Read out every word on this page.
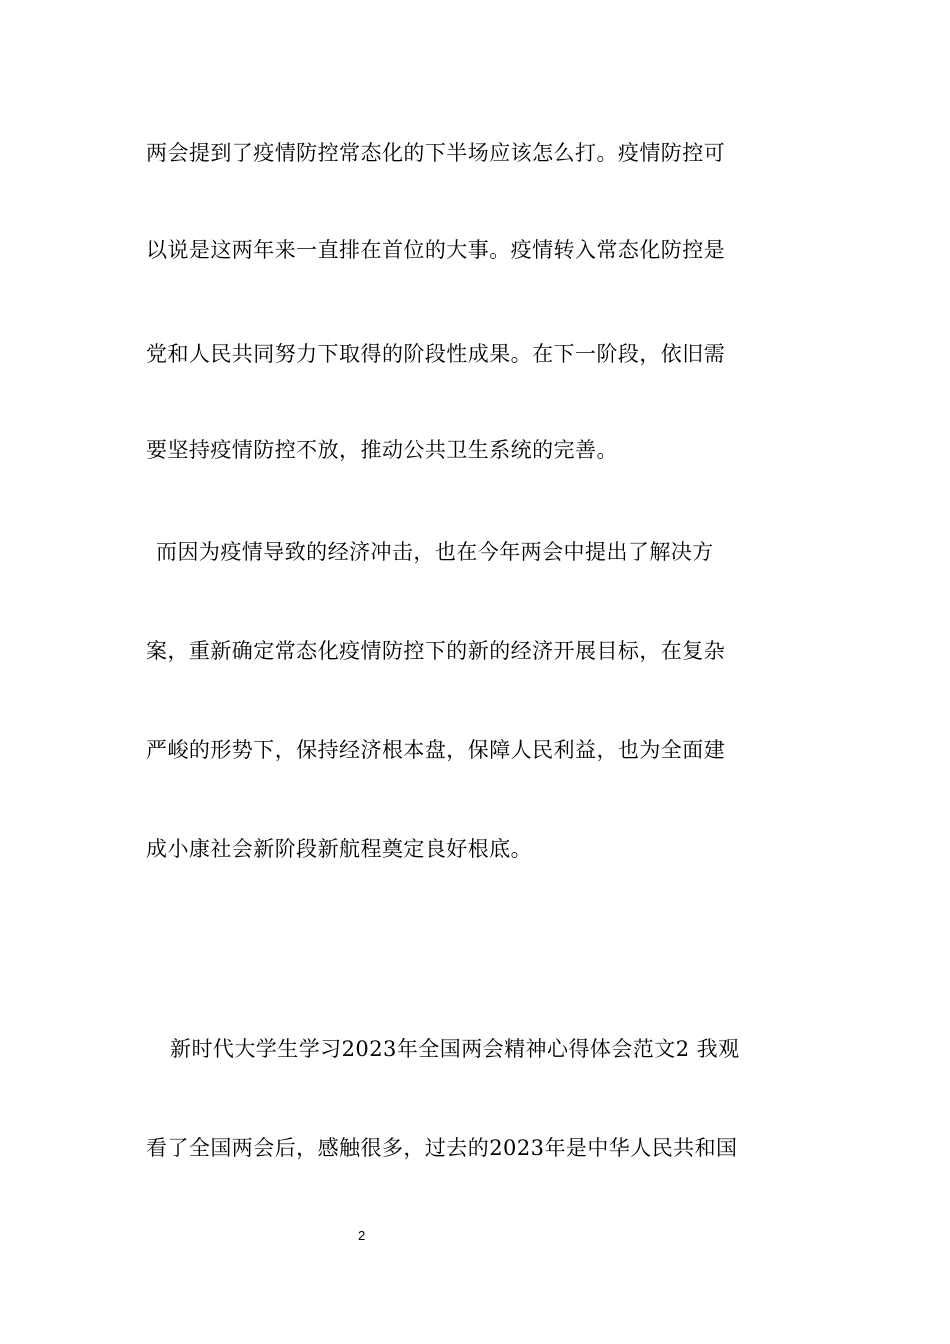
两会提到了疫情防控常态化的下半场应该怎么打。疫情防控可
以说是这两年来一直排在首位的大事。疫情转入常态化防控是
党和人民共同努力下取得的阶段性成果。在下一阶段，依旧需
要坚持疫情防控不放，推动公共卫生系统的完善。
而因为疫情导致的经济冲击，也在今年两会中提出了解决方
案，重新确定常态化疫情防控下的新的经济开展目标，在复杂
严峻的形势下，保持经济根本盘，保障人民利益，也为全面建
成小康社会新阶段新航程奠定良好根底。
新时代大学生学习2023年全国两会精神心得体会范文2 我观
看了全国两会后，感触很多，过去的2023年是中华人民共和国
2
